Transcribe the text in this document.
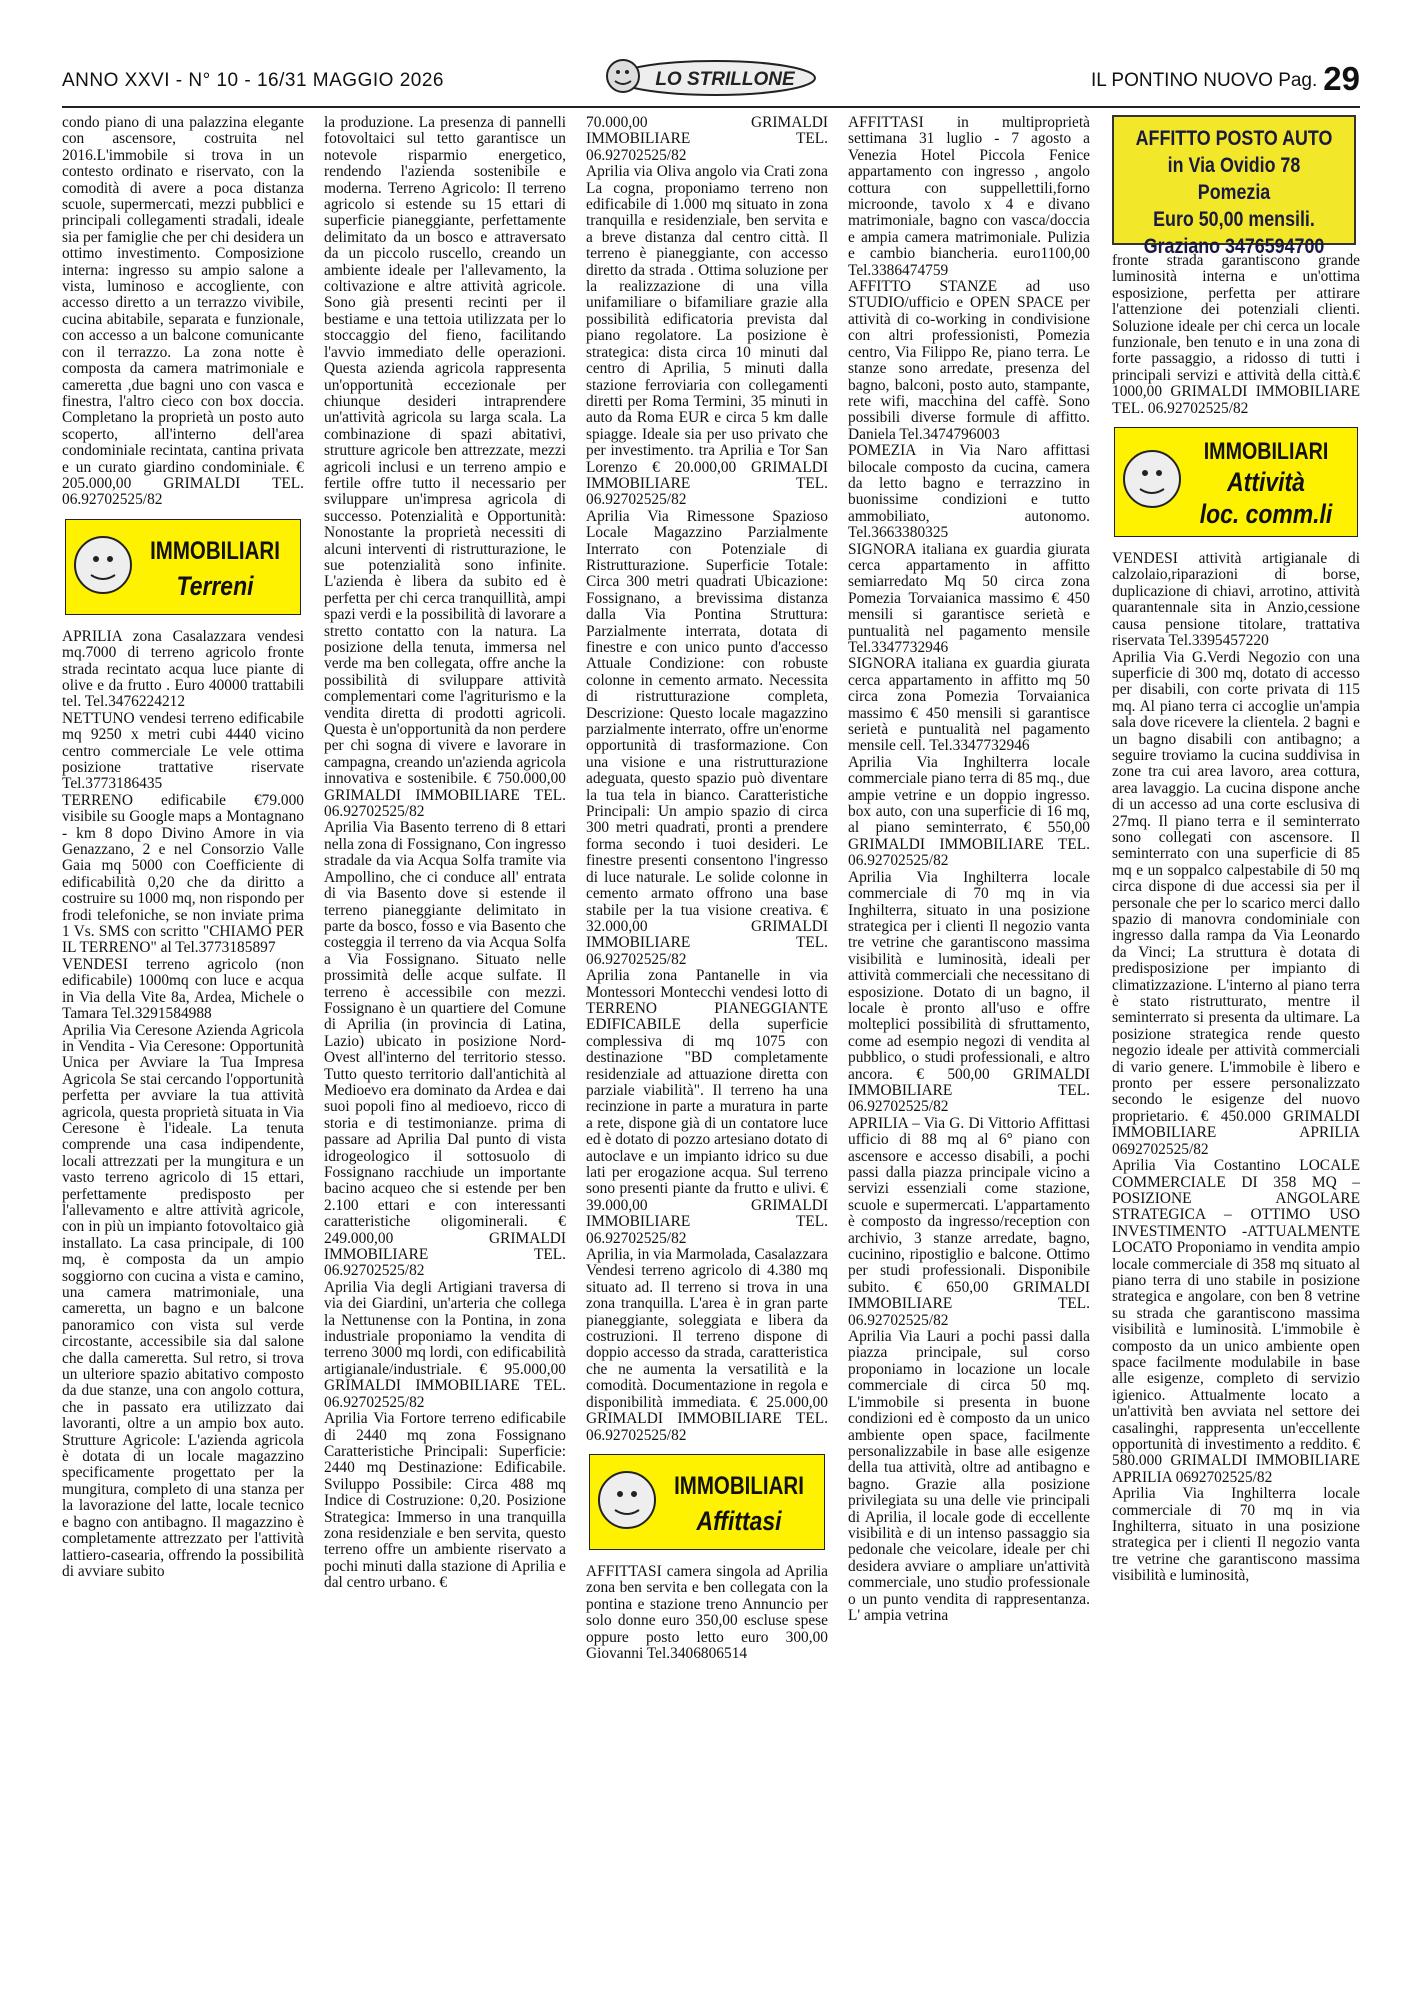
ANNO XXVI - N° 10 - 16/31 MAGGIO 2026	LO STRILLONE	IL PONTINO NUOVO Pag. 29

condo piano di una palazzina elegante con ascensore, costruita nel 2016.L'immobile si trova in un contesto ordinato e riservato, con la comodità di avere a poca distanza scuole, supermercati, mezzi pubblici e principali collegamenti stradali, ideale sia per famiglie che per chi desidera un ottimo investimento. Composizione interna: ingresso su ampio salone a vista, luminoso e accogliente, con accesso diretto a un terrazzo vivibile, cucina abitabile, separata e funzionale, con accesso a un balcone comunicante con il terrazzo. La zona notte è composta da camera matrimoniale e cameretta ,due bagni uno con vasca e finestra, l'altro cieco con box doccia. Completano la proprietà un posto auto scoperto, all'interno dell'area condominiale recintata, cantina privata e un curato giardino condominiale. € 205.000,00 GRIMALDI TEL. 06.92702525/82

IMMOBILIARI
Terreni

APRILIA zona Casalazzara vendesi mq.7000 di terreno agricolo fronte strada recintato acqua luce piante di olive e da frutto . Euro 40000 trattabili tel. Tel.3476224212

NETTUNO vendesi terreno edificabile mq 9250 x metri cubi 4440 vicino centro commerciale Le vele ottima posizione trattative riservate Tel.3773186435

TERRENO edificabile €79.000 visibile su Google maps a Montagnano - km 8 dopo Divino Amore in via Genazzano, 2 e nel Consorzio Valle Gaia mq 5000 con Coefficiente di edificabilità 0,20 che da diritto a costruire su 1000 mq, non rispondo per frodi telefoniche, se non inviate prima 1 Vs. SMS con scritto "CHIAMO PER IL TERRENO" al Tel.3773185897

VENDESI terreno agricolo (non edificabile) 1000mq con luce e acqua in Via della Vite 8a, Ardea, Michele o Tamara Tel.3291584988

Aprilia Via Ceresone Azienda Agricola in Vendita - Via Ceresone: Opportunità Unica per Avviare la Tua Impresa Agricola Se stai cercando l'opportunità perfetta per avviare la tua attività agricola, questa proprietà situata in Via Ceresone è l'ideale. La tenuta comprende una casa indipendente, locali attrezzati per la mungitura e un vasto terreno agricolo di 15 ettari, perfettamente predisposto per l'allevamento e altre attività agricole, con in più un impianto fotovoltaico già installato. La casa principale, di 100 mq, è composta da un ampio soggiorno con cucina a vista e camino, una camera matrimoniale, una cameretta, un bagno e un balcone panoramico con vista sul verde circostante, accessibile sia dal salone che dalla cameretta. Sul retro, si trova un ulteriore spazio abitativo composto da due stanze, una con angolo cottura, che in passato era utilizzato dai lavoranti, oltre a un ampio box auto. Strutture Agricole: L'azienda agricola è dotata di un locale magazzino specificamente progettato per la mungitura, completo di una stanza per la lavorazione del latte, locale tecnico e bagno con antibagno. Il magazzino è completamente attrezzato per l'attività lattiero-casearia, offrendo la possibilità di avviare subito

la produzione. La presenza di pannelli fotovoltaici sul tetto garantisce un notevole risparmio energetico, rendendo l'azienda sostenibile e moderna. Terreno Agricolo: Il terreno agricolo si estende su 15 ettari di superficie pianeggiante, perfettamente delimitato da un bosco e attraversato da un piccolo ruscello, creando un ambiente ideale per l'allevamento, la coltivazione e altre attività agricole. Sono già presenti recinti per il bestiame e una tettoia utilizzata per lo stoccaggio del fieno, facilitando l'avvio immediato delle operazioni. Questa azienda agricola rappresenta un'opportunità eccezionale per chiunque desideri intraprendere un'attività agricola su larga scala. La combinazione di spazi abitativi, strutture agricole ben attrezzate, mezzi agricoli inclusi e un terreno ampio e fertile offre tutto il necessario per sviluppare un'impresa agricola di successo. Potenzialità e Opportunità: Nonostante la proprietà necessiti di alcuni interventi di ristrutturazione, le sue potenzialità sono infinite. L'azienda è libera da subito ed è perfetta per chi cerca tranquillità, ampi spazi verdi e la possibilità di lavorare a stretto contatto con la natura. La posizione della tenuta, immersa nel verde ma ben collegata, offre anche la possibilità di sviluppare attività complementari come l'agriturismo e la vendita diretta di prodotti agricoli. Questa è un'opportunità da non perdere per chi sogna di vivere e lavorare in campagna, creando un'azienda agricola innovativa e sostenibile. € 750.000,00 GRIMALDI IMMOBILIARE TEL. 06.92702525/82

Aprilia Via Basento terreno di 8 ettari nella zona di Fossignano, Con ingresso stradale da via Acqua Solfa tramite via Ampollino, che ci conduce all' entrata di via Basento dove si estende il terreno pianeggiante delimitato in parte da bosco, fosso e via Basento che costeggia il terreno da via Acqua Solfa a Via Fossignano. Situato nelle prossimità delle acque sulfate. Il terreno è accessibile con mezzi. Fossignano è un quartiere del Comune di Aprilia (in provincia di Latina, Lazio) ubicato in posizione Nord-Ovest all'interno del territorio stesso. Tutto questo territorio dall'antichità al Medioevo era dominato da Ardea e dai suoi popoli fino al medioevo, ricco di storia e di testimonianze. prima di passare ad Aprilia Dal punto di vista idrogeologico il sottosuolo di Fossignano racchiude un importante bacino acqueo che si estende per ben 2.100 ettari e con interessanti caratteristiche oligominerali. € 249.000,00 GRIMALDI IMMOBILIARE TEL. 06.92702525/82

Aprilia Via degli Artigiani traversa di via dei Giardini, un'arteria che collega la Nettunense con la Pontina, in zona industriale proponiamo la vendita di terreno 3000 mq lordi, con edificabilità artigianale/industriale. € 95.000,00 GRIMALDI IMMOBILIARE TEL. 06.92702525/82

Aprilia Via Fortore terreno edificabile di 2440 mq zona Fossignano Caratteristiche Principali: Superficie: 2440 mq Destinazione: Edificabile. Sviluppo Possibile: Circa 488 mq Indice di Costruzione: 0,20. Posizione Strategica: Immerso in una tranquilla zona residenziale e ben servita, questo terreno offre un ambiente riservato a pochi minuti dalla stazione di Aprilia e dal centro urbano. €

70.000,00 GRIMALDI IMMOBILIARE TEL. 06.92702525/82

Aprilia via Oliva angolo via Crati zona La cogna, proponiamo terreno non edificabile di 1.000 mq situato in zona tranquilla e residenziale, ben servita e a breve distanza dal centro città. Il terreno è pianeggiante, con accesso diretto da strada . Ottima soluzione per la realizzazione di una villa unifamiliare o bifamiliare grazie alla possibilità edificatoria prevista dal piano regolatore. La posizione è strategica: dista circa 10 minuti dal centro di Aprilia, 5 minuti dalla stazione ferroviaria con collegamenti diretti per Roma Termini, 35 minuti in auto da Roma EUR e circa 5 km dalle spiagge. Ideale sia per uso privato che per investimento. tra Aprilia e Tor San Lorenzo € 20.000,00 GRIMALDI IMMOBILIARE TEL. 06.92702525/82

Aprilia Via Rimessone Spazioso Locale Magazzino Parzialmente Interrato con Potenziale di Ristrutturazione. Superficie Totale: Circa 300 metri quadrati Ubicazione: Fossignano, a brevissima distanza dalla Via Pontina Struttura: Parzialmente interrata, dotata di finestre e con unico punto d'accesso Attuale Condizione: con robuste colonne in cemento armato. Necessita di ristrutturazione completa, Descrizione: Questo locale magazzino parzialmente interrato, offre un'enorme opportunità di trasformazione. Con una visione e una ristrutturazione adeguata, questo spazio può diventare la tua tela in bianco. Caratteristiche Principali: Un ampio spazio di circa 300 metri quadrati, pronti a prendere forma secondo i tuoi desideri. Le finestre presenti consentono l'ingresso di luce naturale. Le solide colonne in cemento armato offrono una base stabile per la tua visione creativa. € 32.000,00 GRIMALDI IMMOBILIARE TEL. 06.92702525/82

Aprilia zona Pantanelle in via Montessori Montecchi vendesi lotto di TERRENO PIANEGGIANTE EDIFICABILE della superficie complessiva di mq 1075 con destinazione "BD completamente residenziale ad attuazione diretta con parziale viabilità". Il terreno ha una recinzione in parte a muratura in parte a rete, dispone già di un contatore luce ed è dotato di pozzo artesiano dotato di autoclave e un impianto idrico su due lati per erogazione acqua. Sul terreno sono presenti piante da frutto e ulivi. € 39.000,00 GRIMALDI IMMOBILIARE TEL. 06.92702525/82

Aprilia, in via Marmolada, Casalazzara Vendesi terreno agricolo di 4.380 mq situato ad. Il terreno si trova in una zona tranquilla. L'area è in gran parte pianeggiante, soleggiata e libera da costruzioni. Il terreno dispone di doppio accesso da strada, caratteristica che ne aumenta la versatilità e la comodità. Documentazione in regola e disponibilità immediata. € 25.000,00 GRIMALDI IMMOBILIARE TEL. 06.92702525/82

IMMOBILIARI
Affittasi

AFFITTASI camera singola ad Aprilia zona ben servita e ben collegata con la pontina e stazione treno Annuncio per solo donne euro 350,00 escluse spese oppure posto letto euro 300,00 Giovanni Tel.3406806514

AFFITTASI in multiproprietà settimana 31 luglio - 7 agosto a Venezia Hotel Piccola Fenice appartamento con ingresso , angolo cottura con suppellettili,forno microonde, tavolo x 4 e divano matrimoniale, bagno con vasca/doccia e ampia camera matrimoniale. Pulizia e cambio biancheria. euro1100,00 Tel.3386474759

AFFITTO STANZE ad uso STUDIO/ufficio e OPEN SPACE per attività di co-working in condivisione con altri professionisti, Pomezia centro, Via Filippo Re, piano terra. Le stanze sono arredate, presenza del bagno, balconi, posto auto, stampante, rete wifi, macchina del caffè. Sono possibili diverse formule di affitto. Daniela Tel.3474796003

POMEZIA in Via Naro affittasi bilocale composto da cucina, camera da letto bagno e terrazzino in buonissime condizioni e tutto ammobiliato, autonomo. Tel.3663380325

SIGNORA italiana ex guardia giurata cerca appartamento in affitto semiarredato Mq 50 circa zona Pomezia Torvaianica massimo € 450 mensili si garantisce serietà e puntualità nel pagamento mensile Tel.3347732946

SIGNORA italiana ex guardia giurata cerca appartamento in affitto mq 50 circa zona Pomezia Torvaianica massimo € 450 mensili si garantisce serietà e puntualità nel pagamento mensile cell. Tel.3347732946

Aprilia Via Inghilterra locale commerciale piano terra di 85 mq., due ampie vetrine e un doppio ingresso. box auto, con una superficie di 16 mq, al piano seminterrato, € 550,00 GRIMALDI IMMOBILIARE TEL. 06.92702525/82

Aprilia Via Inghilterra locale commerciale di 70 mq in via Inghilterra, situato in una posizione strategica per i clienti Il negozio vanta tre vetrine che garantiscono massima visibilità e luminosità, ideali per attività commerciali che necessitano di esposizione. Dotato di un bagno, il locale è pronto all'uso e offre molteplici possibilità di sfruttamento, come ad esempio negozi di vendita al pubblico, o studi professionali, e altro ancora. € 500,00 GRIMALDI IMMOBILIARE TEL. 06.92702525/82

APRILIA – Via G. Di Vittorio Affittasi ufficio di 88 mq al 6° piano con ascensore e accesso disabili, a pochi passi dalla piazza principale vicino a servizi essenziali come stazione, scuole e supermercati. L'appartamento è composto da ingresso/reception con archivio, 3 stanze arredate, bagno, cucinino, ripostiglio e balcone. Ottimo per studi professionali. Disponibile subito. € 650,00 GRIMALDI IMMOBILIARE TEL. 06.92702525/82

Aprilia Via Lauri a pochi passi dalla piazza principale, sul corso proponiamo in locazione un locale commerciale di circa 50 mq. L'immobile si presenta in buone condizioni ed è composto da un unico ambiente open space, facilmente personalizzabile in base alle esigenze della tua attività, oltre ad antibagno e bagno. Grazie alla posizione privilegiata su una delle vie principali di Aprilia, il locale gode di eccellente visibilità e di un intenso passaggio sia pedonale che veicolare, ideale per chi desidera avviare o ampliare un'attività commerciale, uno studio professionale o un punto vendita di rappresentanza. L' ampia vetrina

AFFITTO POSTO AUTO
in Via Ovidio 78 Pomezia
Euro 50,00 mensili.
Graziano 3476594700

fronte strada garantiscono grande luminosità interna e un'ottima esposizione, perfetta per attirare l'attenzione dei potenziali clienti. Soluzione ideale per chi cerca un locale funzionale, ben tenuto e in una zona di forte passaggio, a ridosso di tutti i principali servizi e attività della città.€ 1000,00 GRIMALDI IMMOBILIARE TEL. 06.92702525/82

IMMOBILIARI
Attività
loc. comm.li

VENDESI attività artigianale di calzolaio,riparazioni di borse, duplicazione di chiavi, arrotino, attività quarantennale sita in Anzio,cessione causa pensione titolare, trattativa riservata Tel.3395457220

Aprilia Via G.Verdi Negozio con una superficie di 300 mq, dotato di accesso per disabili, con corte privata di 115 mq. Al piano terra ci accoglie un'ampia sala dove ricevere la clientela. 2 bagni e un bagno disabili con antibagno; a seguire troviamo la cucina suddivisa in zone tra cui area lavoro, area cottura, area lavaggio. La cucina dispone anche di un accesso ad una corte esclusiva di 27mq. Il piano terra e il seminterrato sono collegati con ascensore. Il seminterrato con una superficie di 85 mq e un soppalco calpestabile di 50 mq circa dispone di due accessi sia per il personale che per lo scarico merci dallo spazio di manovra condominiale con ingresso dalla rampa da Via Leonardo da Vinci; La struttura è dotata di predisposizione per impianto di climatizzazione. L'interno al piano terra è stato ristrutturato, mentre il seminterrato si presenta da ultimare. La posizione strategica rende questo negozio ideale per attività commerciali di vario genere. L'immobile è libero e pronto per essere personalizzato secondo le esigenze del nuovo proprietario. € 450.000 GRIMALDI IMMOBILIARE APRILIA 0692702525/82

Aprilia Via Costantino LOCALE COMMERCIALE DI 358 MQ – POSIZIONE ANGOLARE STRATEGICA – OTTIMO USO INVESTIMENTO -ATTUALMENTE LOCATO Proponiamo in vendita ampio locale commerciale di 358 mq situato al piano terra di uno stabile in posizione strategica e angolare, con ben 8 vetrine su strada che garantiscono massima visibilità e luminosità. L'immobile è composto da un unico ambiente open space facilmente modulabile in base alle esigenze, completo di servizio igienico. Attualmente locato a un'attività ben avviata nel settore dei casalinghi, rappresenta un'eccellente opportunità di investimento a reddito. € 580.000 GRIMALDI IMMOBILIARE APRILIA 0692702525/82

Aprilia Via Inghilterra locale commerciale di 70 mq in via Inghilterra, situato in una posizione strategica per i clienti Il negozio vanta tre vetrine che garantiscono massima visibilità e luminosità,
